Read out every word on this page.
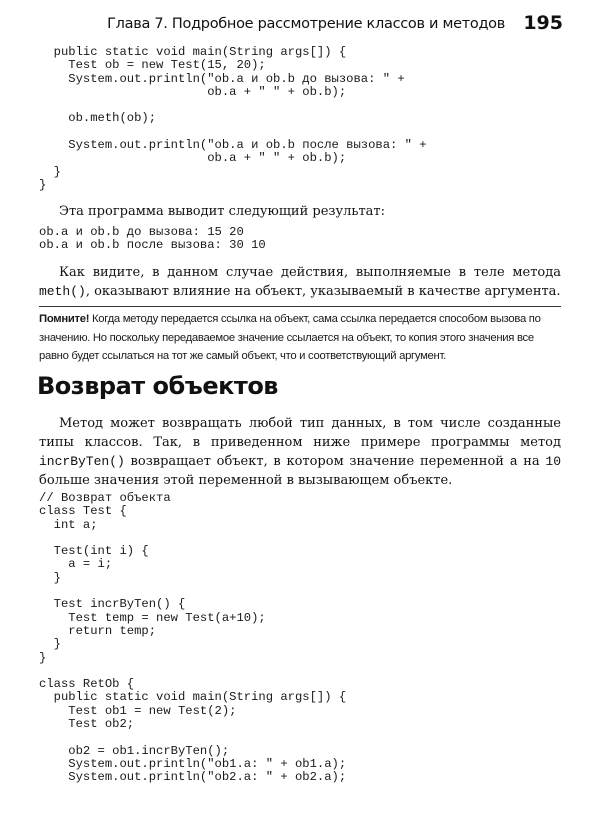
Глава 7. Подробное рассмотрение классов и методов 195
public static void main(String args[]) {
Test ob = new Test(15, 20);
System.out.println("ob.a и ob.b до вызова: " +
ob.a + " " + ob.b);

ob.meth(ob);

System.out.println("ob.a и ob.b после вызова: " +
ob.a + " " + ob.b);
}
}

Эта программа выводит следующий результат:

ob.a и ob.b до вызова: 15 20
ob.a и ob.b после вызова: 30 10

Как видите, в данном случае действия, выполняемые в теле метода meth(), оказывают влияние на объект, указываемый в качестве аргумента.

Помните! Когда методу передается ссылка на объект, сама ссылка передается способом вызова по значению. Но поскольку передаваемое значение ссылается на объект, то копия этого значения все равно будет ссылаться на тот же самый объект, что и соответствующий аргумент.

Возврат объектов

Метод может возвращать любой тип данных, в том числе созданные типы классов. Так, в приведенном ниже примере программы метод incrByTen() возвращает объект, в котором значение переменной a на 10 больше значения этой переменной в вызывающем объекте.

// Возврат объекта
class Test {
int a;

Test(int i) {
a = i;
}

Test incrByTen() {
Test temp = new Test(a+10);
return temp;
}
}

class RetOb {
public static void main(String args[]) {
Test ob1 = new Test(2);
Test ob2;

ob2 = ob1.incrByTen();
System.out.println("ob1.a: " + ob1.a);
System.out.println("ob2.a: " + ob2.a);
